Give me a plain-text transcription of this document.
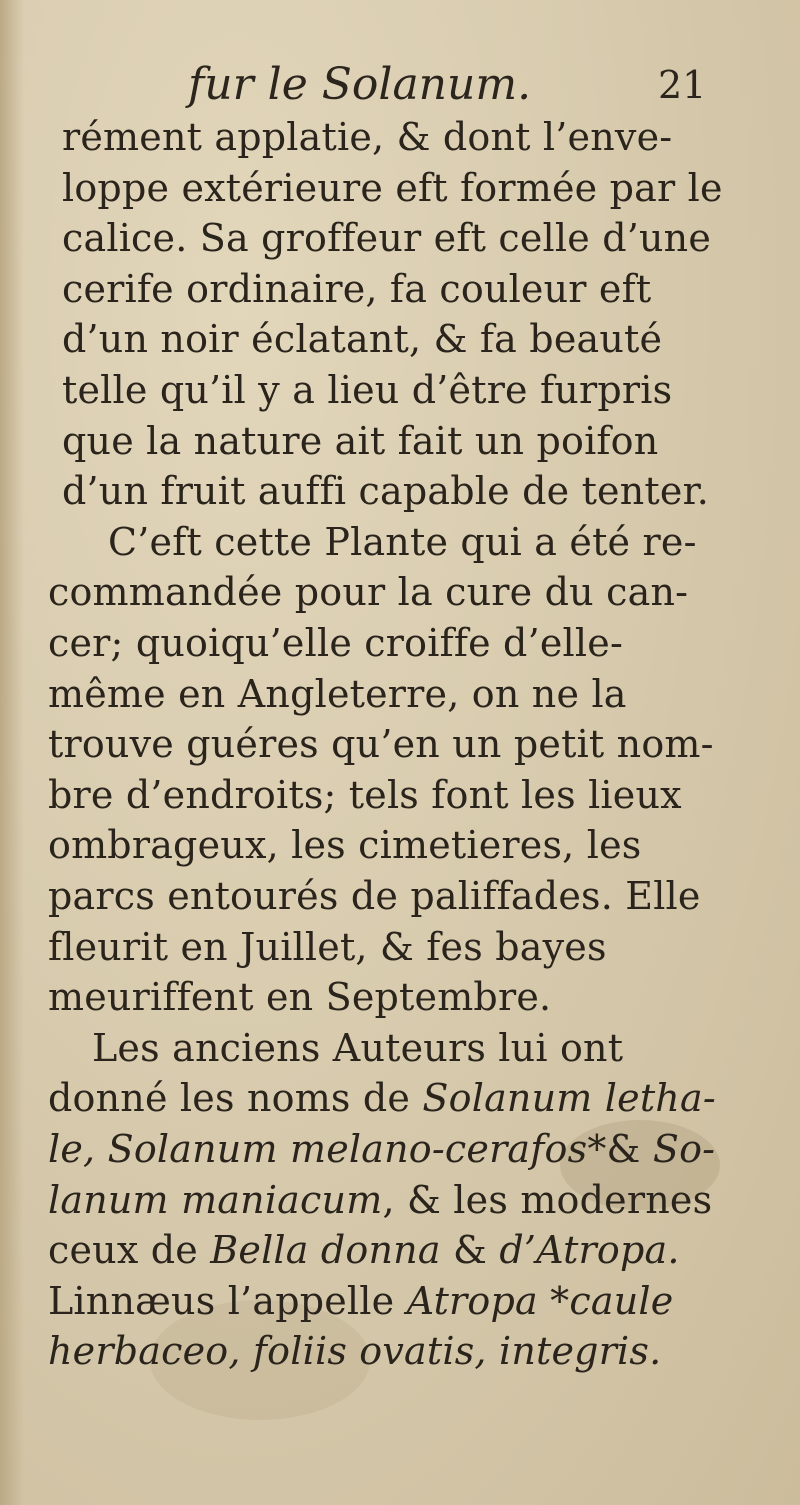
fur le Solanum.	21
rément applatie, & dont l’enve-
loppe extérieure eft formée par le
calice. Sa groffeur eft celle d’une
cerife ordinaire, fa couleur eft
d’un noir éclatant, & fa beauté
telle qu’il y a lieu d’être furpris
que la nature ait fait un poifon
d’un fruit auffi capable de tenter.
C’eft cette Plante qui a été re-
commandée pour la cure du can-
cer; quoiqu’elle croiffe d’elle-
même en Angleterre, on ne la
trouve guéres qu’en un petit nom-
bre d’endroits; tels font les lieux
ombrageux, les cimetieres, les
parcs entourés de paliffades. Elle
fleurit en Juillet, & fes bayes
meuriffent en Septembre.
Les anciens Auteurs lui ont
donné les noms de Solanum letha-
le, Solanum melano-cerafos*& So-
lanum maniacum, & les modernes
ceux de Bella donna & d’Atropa.
Linnæus l’appelle Atropa *caule
herbaceo, foliis ovatis, integris.
